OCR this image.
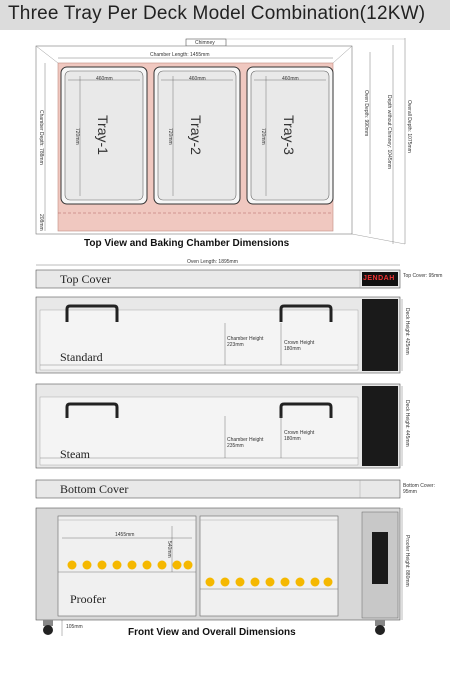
Three Tray Per Deck Model Combination(12KW)
Chimney
Chamber Length: 1455mm
Chamber Depth: 788mm
208mm
Oven Depth: 990mm	Depth without Chimney: 1045mm	Overall Depth: 1075mm
460mm	460mm	460mm
720mm	720mm	720mm
Tray-1	Tray-2	Tray-3
Top View and Baking Chamber Dimensions
Oven Length: 1895mm
Top Cover	JENDAH Top Cover: 95mm
Standard
Chamber Height 223mm	Crown Height 180mm	Deck Height: 425mm
Steam
Chamber Height 235mm
Crown Height 180mm	Deck Height: 445mm
Bottom Cover	Bottom Cover: 95mm
1455mm
540mm
Proofer
Proofer Height: 880mm
105mm	Front View and Overall Dimensions
